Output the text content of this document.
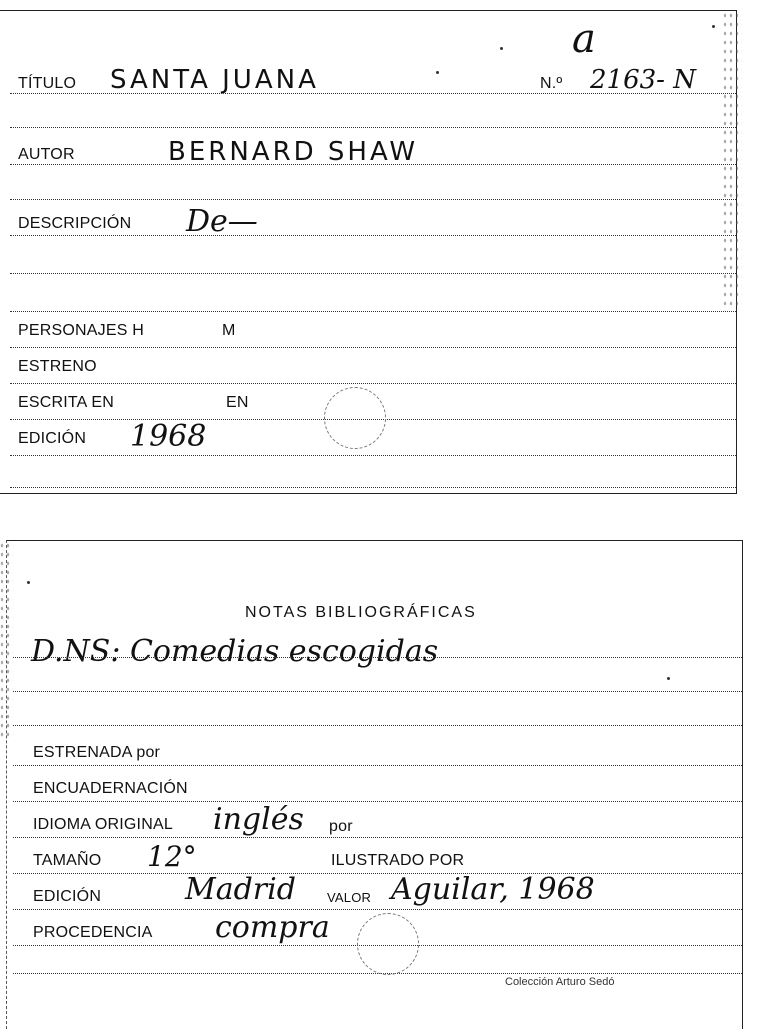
a
TÍTULO SANTA JUANA	N.º 2163- N
AUTOR	BERNARD SHAW
DESCRIPCIÓN De—
PERSONAJES H	M
ESTRENO
ESCRITA EN	EN
EDICIÓN 1968
NOTAS BIBLIOGRÁFICAS
D.NS: Comedias escogidas
ESTRENADA por
ENCUADERNACIÓN
IDIOMA ORIGINAL inglés por
TAMAÑO 12°	ILUSTRADO POR
EDICIÓN	Madrid VALOR Aguilar, 1968
PROCEDENCIA compra
Colección Arturo Sedó
